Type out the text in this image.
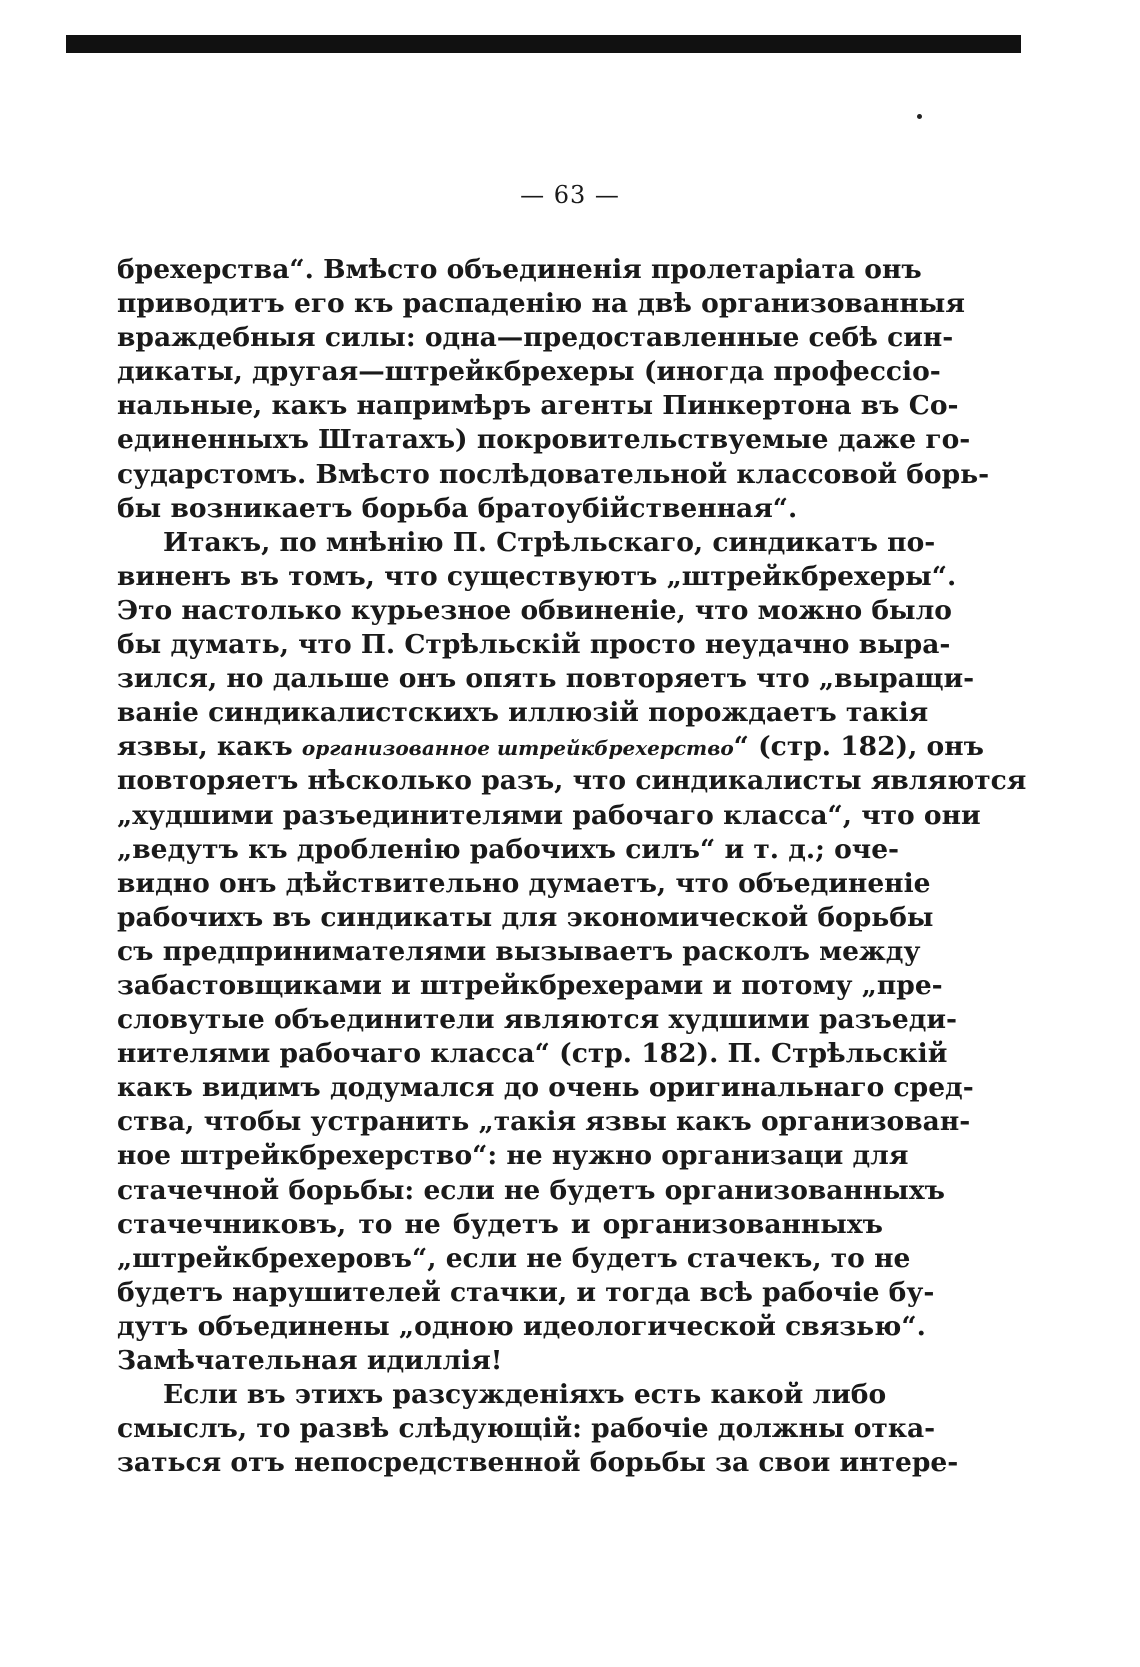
— 63 —
брехерства“. Вмѣсто объединенія пролетаріата онъ
приводитъ его къ распаденію на двѣ организованныя
враждебныя силы: одна—предоставленные себѣ син-
дикаты, другая—штрейкбрехеры (иногда профессіо-
нальные, какъ напримѣръ агенты Пинкертона въ Со-
единенныхъ Штатахъ) покровительствуемые даже го-
сударстомъ. Вмѣсто послѣдовательной классовой борь-
бы возникаетъ борьба братоубійственная“.
Итакъ, по мнѣнію П. Стрѣльскаго, синдикатъ по-
виненъ въ томъ, что существуютъ „штрейкбрехеры“.
Это настолько курьезное обвиненіе, что можно было
бы думать, что П. Стрѣльскій просто неудачно выра-
зился, но дальше онъ опять повторяетъ что „выращи-
ваніе синдикалистскихъ иллюзій порождаетъ такія
язвы, какъ организованное штрейкбрехерство“ (стр. 182), онъ
повторяетъ нѣсколько разъ, что синдикалисты являются
„худшими разъединителями рабочаго класса“, что они
„ведутъ къ дробленію рабочихъ силъ“ и т. д.; оче-
видно онъ дѣйствительно думаетъ, что объединеніе
рабочихъ въ синдикаты для экономической борьбы
съ предпринимателями вызываетъ расколъ между
забастовщиками и штрейкбрехерами и потому „пре-
словутые объединители являются худшими разъеди-
нителями рабочаго класса“ (стр. 182). П. Стрѣльскій
какъ видимъ додумался до очень оригинальнаго сред-
ства, чтобы устранить „такія язвы какъ организован-
ное штрейкбрехерство“: не нужно организаци для
стачечной борьбы: если не будетъ организованныхъ
стачечниковъ, то не будетъ и организованныхъ
„штрейкбрехеровъ“, если не будетъ стачекъ, то не
будетъ нарушителей стачки, и тогда всѣ рабочіе бу-
дутъ объединены „одною идеологической связью“.
Замѣчательная идиллія!
Если въ этихъ разсужденіяхъ есть какой либо
смыслъ, то развѣ слѣдующій: рабочіе должны отка-
заться отъ непосредственной борьбы за свои интере-
